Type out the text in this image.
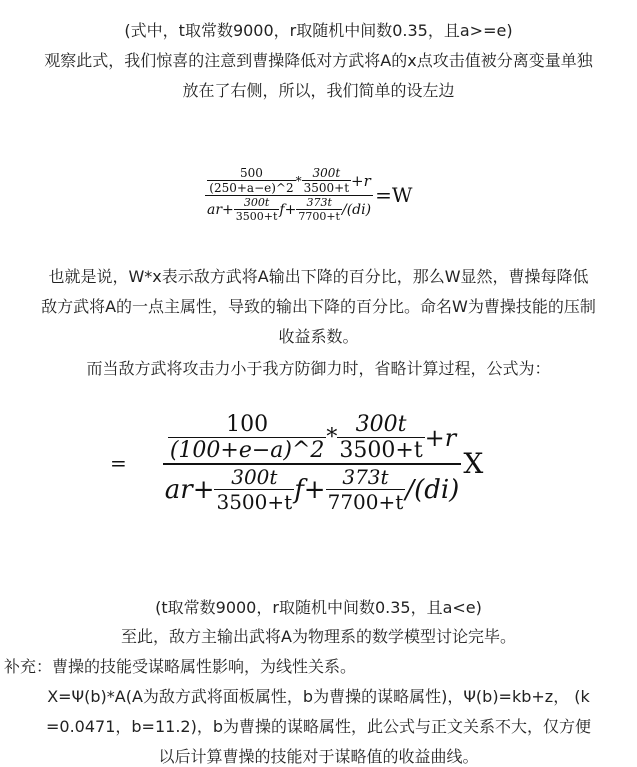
(式中，t取常数9000，r取随机中间数0.35，且a>=e)
观察此式，我们惊喜的注意到曹操降低对方武将A的x点攻击值被分离变量单独
放在了右侧，所以，我们简单的设左边
$\frac{500}{(250+a-e)\^{}2} * \frac{300t}{3500+t} +r$
$ar+ \frac{300t}{3500+t} f+ \frac{373t}{7700+t} /(di)$
=W
也就是说，W*x表示敌方武将A输出下降的百分比，那么W显然，曹操每降低
敌方武将A的一点主属性，导致的输出下降的百分比。命名W为曹操技能的压制
收益系数。
而当敌方武将攻击力小于我方防御力时，省略计算过程，公式为：
= $\frac{100}{(100+e-a)\^{}2} * \frac{300t}{3500+t} +r$
$ar+ \frac{300t}{3500+t} f+ \frac{373t}{7700+t} /(di)$
X
(t取常数9000，r取随机中间数0.35，且a<e)
至此，敌方主输出武将A为物理系的数学模型讨论完毕。
补充：曹操的技能受谋略属性影响，为线性关系。
X=Ψ(b)*A(A为敌方武将面板属性，b为曹操的谋略属性)，Ψ(b)=kb+z， (k
=0.0471，b=11.2)，b为曹操的谋略属性，此公式与正文关系不大，仅方便
以后计算曹操的技能对于谋略值的收益曲线。
